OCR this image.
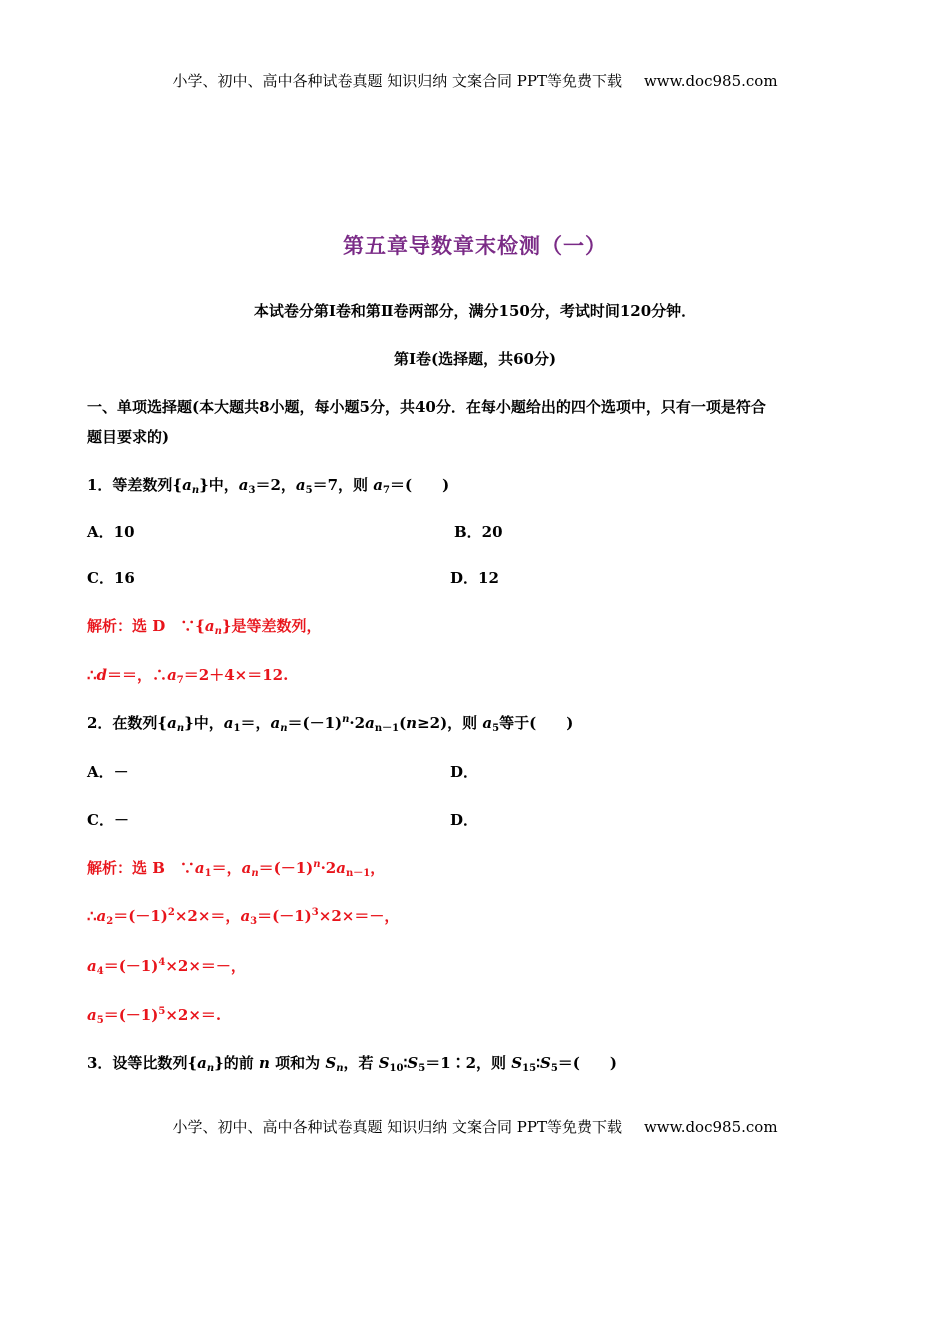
小学、初中、高中各种试卷真题 知识归纳 文案合同 PPT等免费下载 www.doc985.com
第五章导数章末检测（一）
本试卷分第Ⅰ卷和第Ⅱ卷两部分，满分150分，考试时间120分钟．
第Ⅰ卷(选择题，共60分)
一、单项选择题(本大题共8小题，每小题5分，共40分．在每小题给出的四个选项中，只有一项是符合
题目要求的)
1．等差数列$\{a_n\}$中，$a_3=2$，$a_5=7$，则 $a_7=$(　　)
A．10	B．20
C．16	D．12
解析：选 D　$\because\{a_n\}$是等差数列，
∴d＝＝，$\therefore a_7=2+4\times=12$.
2．在数列$\{a_n\}$中，$a_1=$，$a_n=(-1)^n\cdot 2a_{n-1}(n\ge 2)$，则 $a_5$等于(　　)
A．－	D．
C．－	D．
解析：选 B　$\because a_1=$，$a_n=(-1)^n\cdot 2a_{n-1}$，
$\therefore a_2=(-1)^2\times 2\times=$，$a_3=(-1)^3\times 2\times=-$，
$a_4=(-1)^4\times 2\times=-$，
$a_5=(-1)^5\times 2\times=$.
3．设等比数列$\{a_n\}$的前 n 项和为 $S_n$，若 $S_{10}∶S_5=1∶2$，则 $S_{15}∶S_5=$(　　)
小学、初中、高中各种试卷真题 知识归纳 文案合同 PPT等免费下载 www.doc985.com
